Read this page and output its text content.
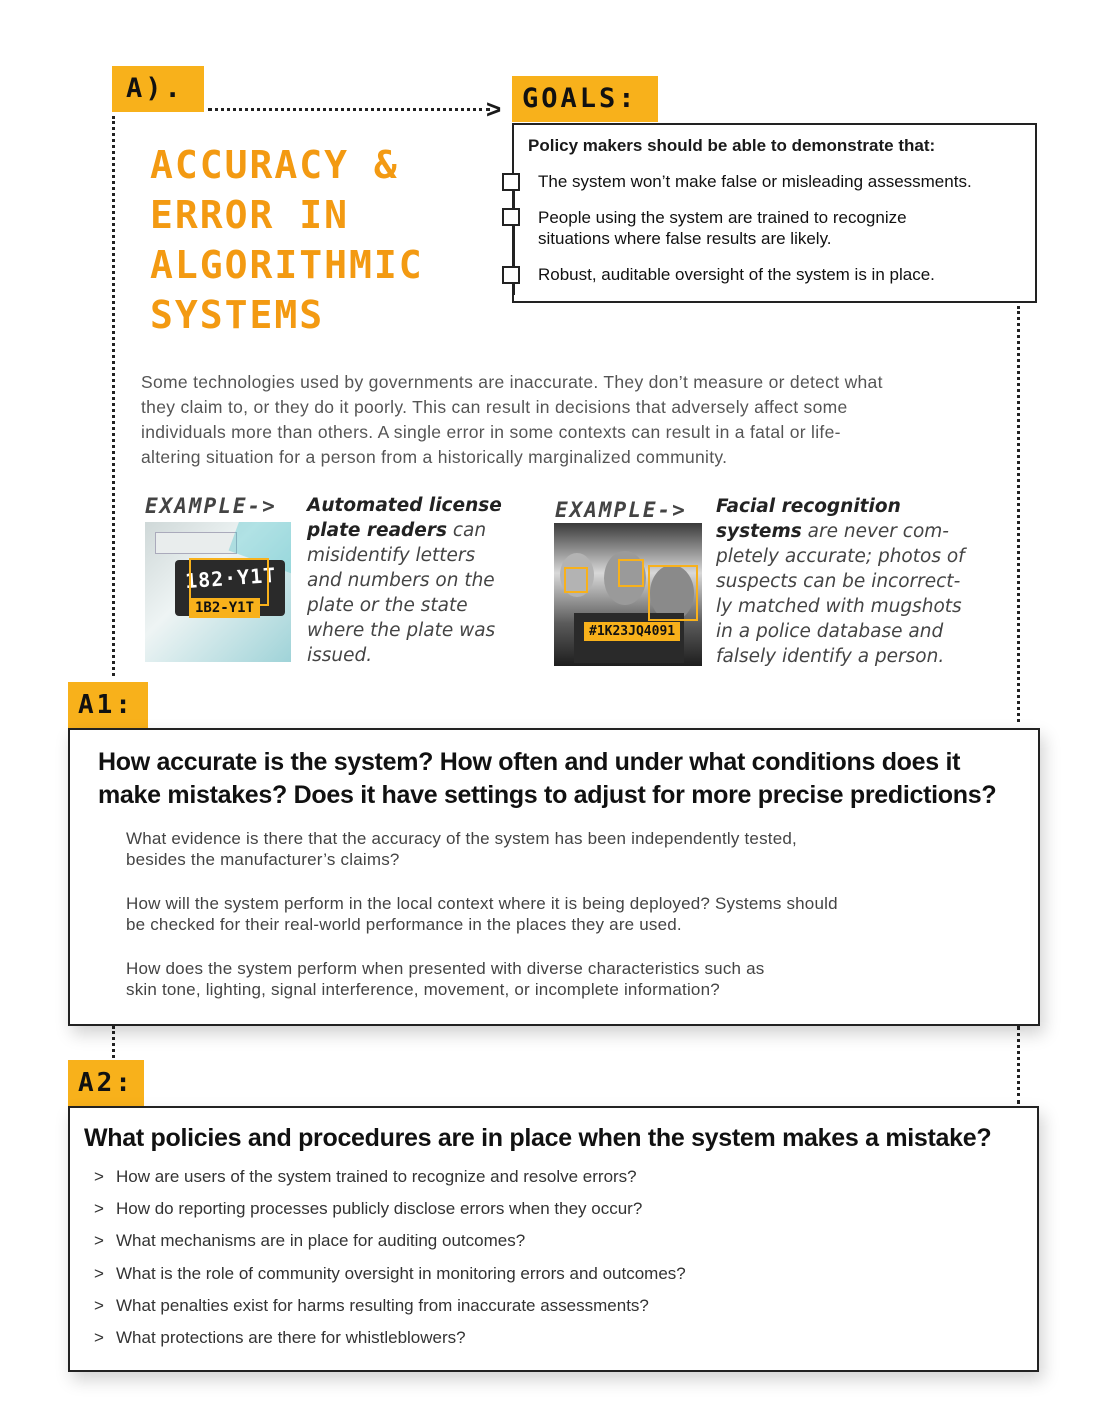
A).
> GOALS:
ACCURACY &
ERROR IN
ALGORITHMIC
SYSTEMS
Policy makers should be able to demonstrate that:
The system won’t make false or misleading assessments.
People using the system are trained to recognize situations where false results are likely.
Robust, auditable oversight of the system is in place.
Some technologies used by governments are inaccurate. They don’t measure or detect what
they claim to, or they do it poorly. This can result in decisions that adversely affect some
individuals more than others. A single error in some contexts can result in a fatal or life-
altering situation for a person from a historically marginalized community.
EXAMPLE->
182·Y1T
1B2-Y1T
Automated license
plate readers can
misidentify letters
and numbers on the
plate or the state
where the plate was
issued.
EXAMPLE->
#1K23JQ4091
Facial recognition
systems are never com-
pletely accurate; photos of
suspects can be incorrect-
ly matched with mugshots
in a police database and
falsely identify a person.
A1:
How accurate is the system? How often and under what conditions does it
make mistakes? Does it have settings to adjust for more precise predictions?
What evidence is there that the accuracy of the system has been independently tested,
besides the manufacturer’s claims?
How will the system perform in the local context where it is being deployed? Systems should
be checked for their real-world performance in the places they are used.
How does the system perform when presented with diverse characteristics such as
skin tone, lighting, signal interference, movement, or incomplete information?
A2:
What policies and procedures are in place when the system makes a mistake?
> How are users of the system trained to recognize and resolve errors?
> How do reporting processes publicly disclose errors when they occur?
> What mechanisms are in place for auditing outcomes?
> What is the role of community oversight in monitoring errors and outcomes?
> What penalties exist for harms resulting from inaccurate assessments?
> What protections are there for whistleblowers?
